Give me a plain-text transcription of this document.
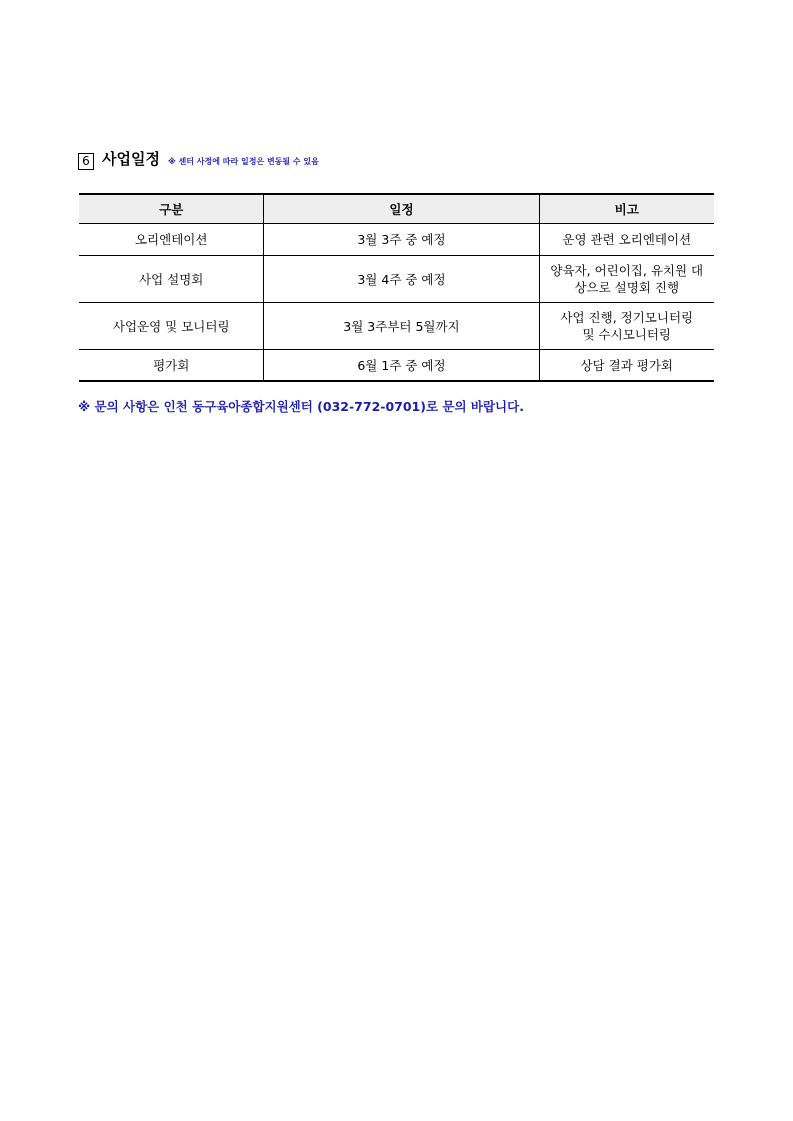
6 사업일정 ※ 센터 사정에 따라 일정은 변동될 수 있음
구분	일정	비고
오리엔테이션	3월 3주 중 예정	운영 관련 오리엔테이션

사업 설명회	3월 4주 중 예정	양육자, 어린이집, 유치원 대
상으로 설명회 진행

사업운영 및 모니터링	3월 3주부터 5월까지	사업 진행, 정기모니터링
및 수시모니터링

평가회	6월 1주 중 예정	상담 결과 평가회
※ 문의 사항은 인천 동구육아종합지원센터 (032-772-0701)로 문의 바랍니다.
